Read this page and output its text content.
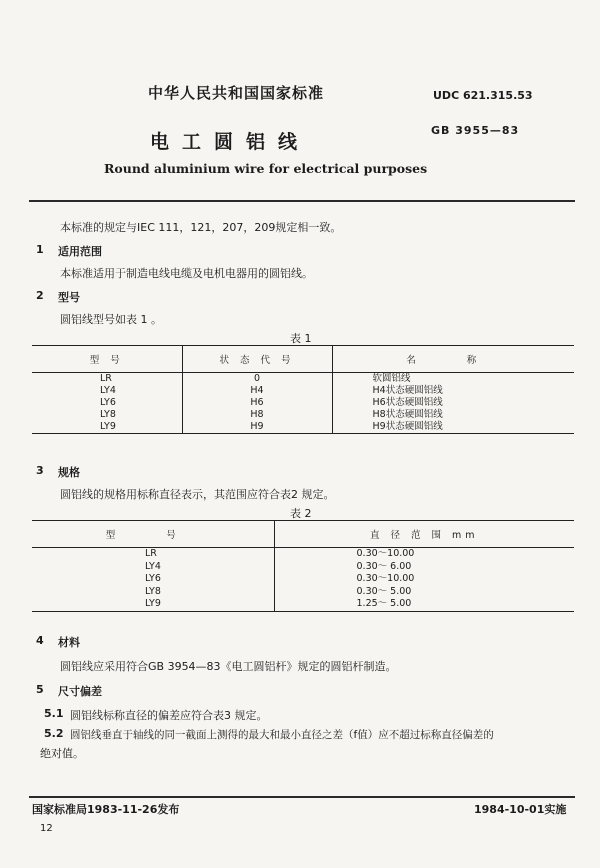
中华人民共和国国家标准	UDC 621.315.53
电工圆铝线
GB 3955—83
Round aluminium wire for electrical purposes
本标准的规定与IEC 111，121，207，209规定相一致。
1 适用范围
本标准适用于制造电线电缆及电机电器用的圆铝线。
2 型号
圆铝线型号如表 1 。
表 1
型 号	状 态 代 号	名 称
LR	0	软圆铝线
LY4	H4	H4状态硬圆铝线
LY6	H6	H6状态硬圆铝线
LY8	H8	H8状态硬圆铝线
LY9	H9	H9状态硬圆铝线
3 规格
圆铝线的规格用标称直径表示，其范围应符合表2 规定。
表 2
型 号	直 径 范 围 mm
LR	0.30～10.00
LY4	0.30～ 6.00
LY6	0.30～10.00
LY8	0.30～ 5.00
LY9	1.25～ 5.00
4 材料
圆铝线应采用符合GB 3954—83《电工圆铝杆》规定的圆铝杆制造。
5 尺寸偏差
5.1 圆铝线标称直径的偏差应符合表3 规定。
5.2 圆铝线垂直于轴线的同一截面上测得的最大和最小直径之差（f值）应不超过标称直径偏差的
绝对值。
国家标准局1983-11-26发布	1984-10-01实施
12
